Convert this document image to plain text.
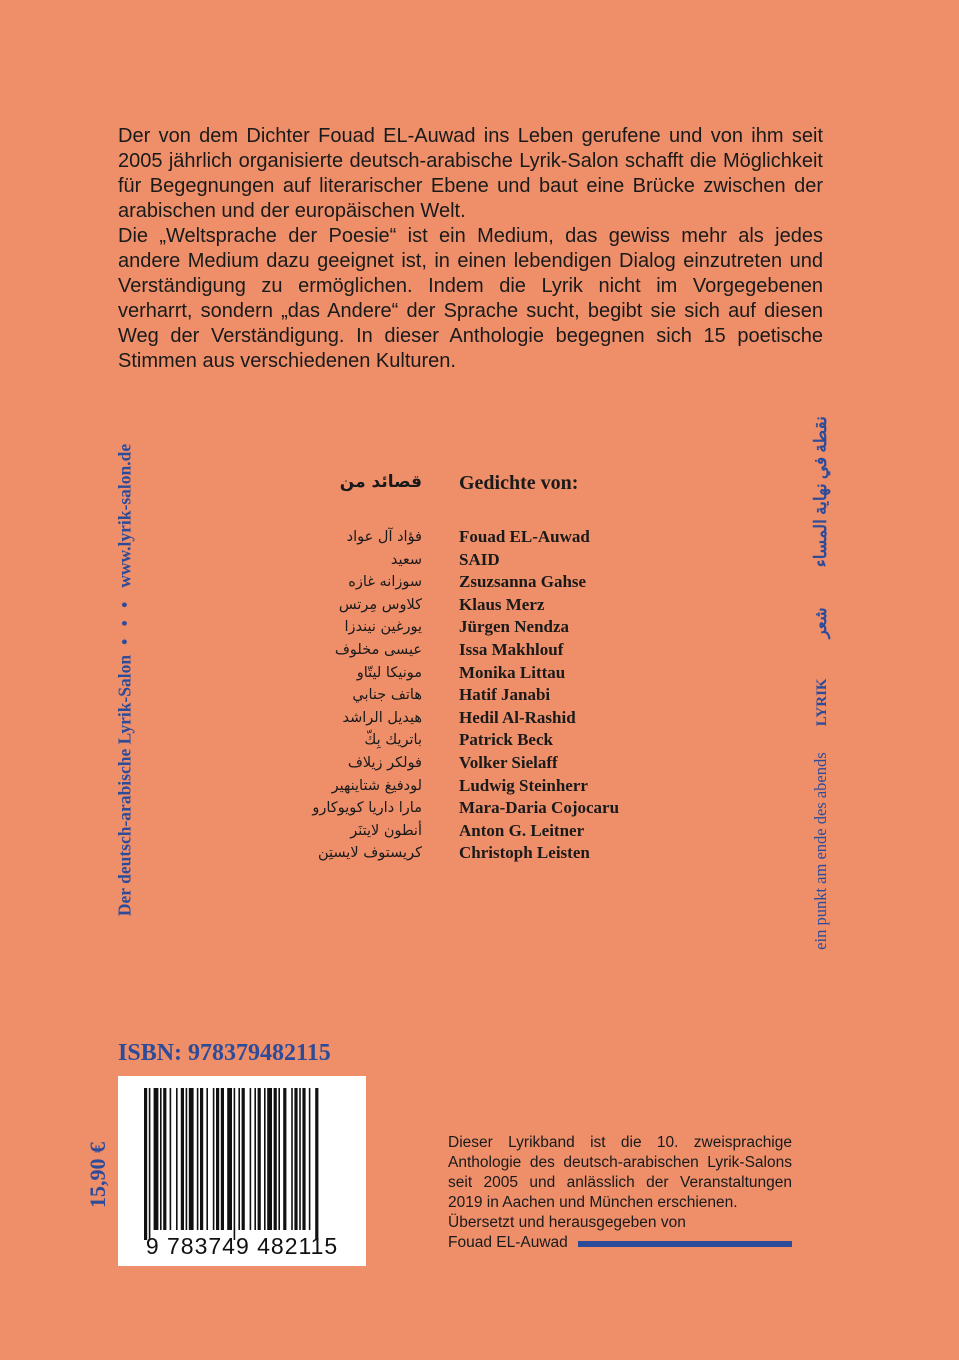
Der von dem Dichter Fouad EL-Auwad ins Leben gerufene und von ihm seit 2005 jährlich organisierte deutsch-arabische Lyrik-Salon schafft die Möglichkeit für Begegnungen auf literarischer Ebene und baut eine Brücke zwischen der arabischen und der europäischen Welt.

Die „Weltsprache der Poesie“ ist ein Medium, das gewiss mehr als jedes andere Medium dazu geeignet ist, in einen lebendigen Dialog einzutreten und Verständigung zu ermöglichen. Indem die Lyrik nicht im Vorgegebenen verharrt, sondern „das Andere“ der Sprache sucht, begibt sie sich auf diesen Weg der Verständigung. In dieser Anthologie begegnen sich 15 poetische Stimmen aus verschiedenen Kulturen.

Der deutsch-arabische Lyrik-Salon• • •www.lyrik-salon.de
ein punkt am ende des abends LYRIK شعر نقطة في نهاية المساء
Gedichte von:
قصائد من
Fouad EL-Auwad
SAID
Zsuzsanna Gahse
Klaus Merz
Jürgen Nendza
Issa Makhlouf
Monika Littau
Hatif Janabi
Hedil Al-Rashid
Patrick Beck
Volker Sielaff
Ludwig Steinherr
Mara-Daria Cojocaru
Anton G. Leitner
Christoph Leisten
فؤاد آل عواد
سعيد
سوزانه غازه
كلاوس مِرتس
يورغين نيندزا
عيسى مخلوف
مونيكا ليتّاو
هاتف جنابي
هيديل الراشد
باتريك بِكّ
فولكر زيلاف
لودفيغ شتاينهير
مارا داريا كويوكارو
أنطون لايتنَر
كريستوف لايستِن
ISBN: 978379482115
9 783749 482115
15,90 €	Dieser Lyrikband ist die 10. zweisprachige Anthologie des deutsch-arabischen Lyrik-Salons seit 2005 und anlässlich der Veranstaltungen 2019 in Aachen und München erschienen.

Übersetzt und herausgegeben von

Fouad EL-Auwad
